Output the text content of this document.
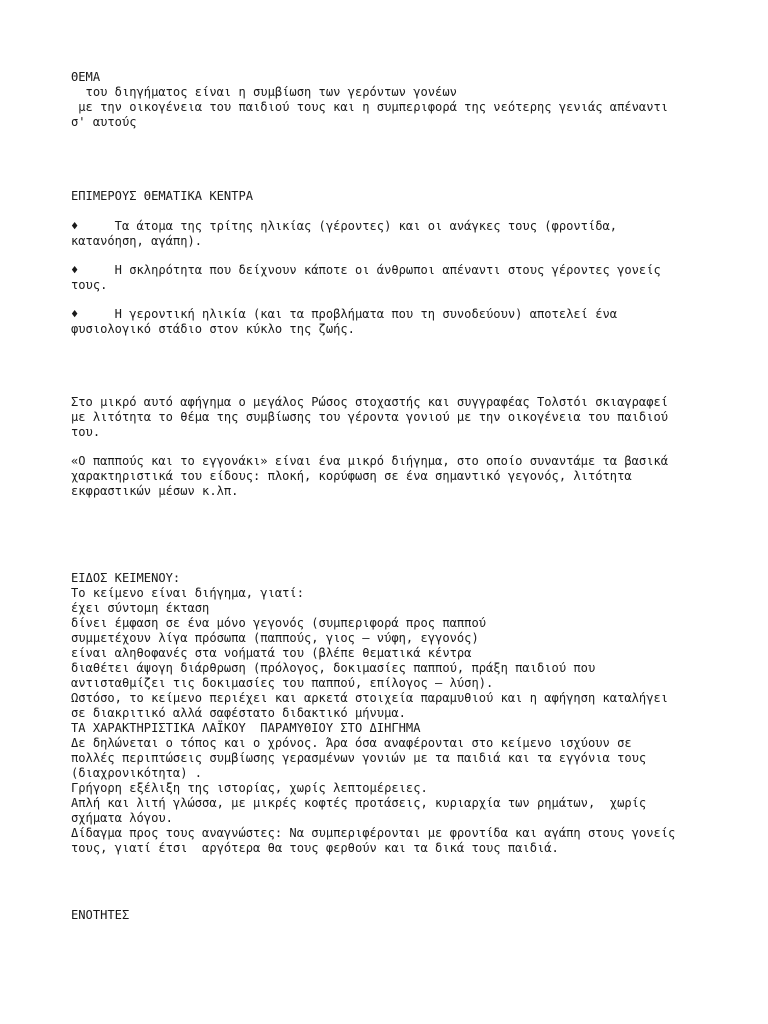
ΘΕΜΑ

του διηγήματος είναι η συμβίωση των γερόντων γονέων
με την οικογένεια του παιδιού τους και η συμπεριφορά της νεότερης γενιάς απέναντι
σ' αυτούς

ΕΠΙΜΕΡΟΥΣ ΘΕΜΑΤΙΚΑ ΚΕΝΤΡΑ

♦     Τα άτομα της τρίτης ηλικίας (γέροντες) και οι ανάγκες τους (φροντίδα,
κατανόηση, αγάπη).

♦     Η σκληρότητα που δείχνουν κάποτε οι άνθρωποι απέναντι στους γέροντες γονείς
τους.

♦     Η γεροντική ηλικία (και τα προβλήματα που τη συνοδεύουν) αποτελεί ένα
φυσιολογικό στάδιο στον κύκλο της ζωής.

Στο μικρό αυτό αφήγημα ο μεγάλος Ρώσος στοχαστής και συγγραφέας Τολστόι σκιαγραφεί
με λιτότητα το θέμα της συμβίωσης του γέροντα γονιού με την οικογένεια του παιδιού
του.

«Ο παππούς και το εγγονάκι» είναι ένα μικρό διήγημα, στο οποίο συναντάμε τα βασικά
χαρακτηριστικά του είδους: πλοκή, κορύφωση σε ένα σημαντικό γεγονός, λιτότητα
εκφραστικών μέσων κ.λπ.

ΕΙΔΟΣ ΚΕΙΜΕΝΟΥ:
Το κείμενο είναι διήγημα, γιατί:
έχει σύντομη έκταση
δίνει έμφαση σε ένα μόνο γεγονός (συμπεριφορά προς παππού
συμμετέχουν λίγα πρόσωπα (παππούς, γιος – νύφη, εγγονός)
είναι αληθοφανές στα νοήματά του (βλέπε θεματικά κέντρα
διαθέτει άψογη διάρθρωση (πρόλογος, δοκιμασίες παππού, πράξη παιδιού που
αντισταθμίζει τις δοκιμασίες του παππού, επίλογος – λύση).
Ωστόσο, το κείμενο περιέχει και αρκετά στοιχεία παραμυθιού και η αφήγηση καταλήγει
σε διακριτικό αλλά σαφέστατο διδακτικό μήνυμα.
ΤΑ ΧΑΡΑΚΤΗΡΙΣΤΙΚΑ ΛΑΪΚΟΥ  ΠΑΡΑΜΥΘΙΟΥ ΣΤΟ ΔΙΗΓΗΜΑ
Δε δηλώνεται ο τόπος και ο χρόνος. Άρα όσα αναφέρονται στο κείμενο ισχύουν σε
πολλές περιπτώσεις συμβίωσης γερασμένων γονιών με τα παιδιά και τα εγγόνια τους
(διαχρονικότητα) .
Γρήγορη εξέλιξη της ιστορίας, χωρίς λεπτομέρειες.
Απλή και λιτή γλώσσα, με μικρές κοφτές προτάσεις, κυριαρχία των ρημάτων,  χωρίς
σχήματα λόγου.
Δίδαγμα προς τους αναγνώστες: Να συμπεριφέρονται με φροντίδα και αγάπη στους γονείς
τους, γιατί έτσι  αργότερα θα τους φερθούν και τα δικά τους παιδιά.

ΕΝΟΤΗΤΕΣ
